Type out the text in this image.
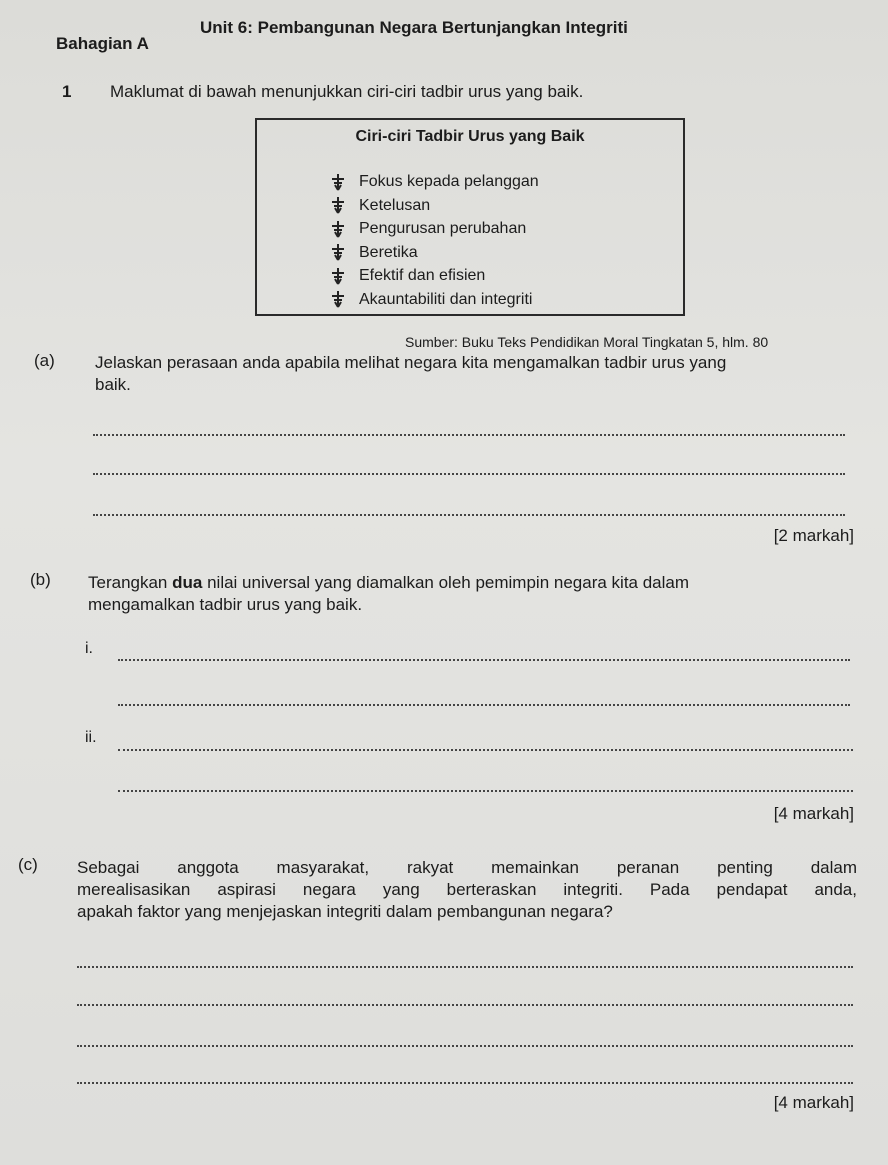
Unit 6: Pembangunan Negara Bertunjangkan Integriti
Bahagian A
1 Maklumat di bawah menunjukkan ciri-ciri tadbir urus yang baik.
Ciri-ciri Tadbir Urus yang Baik
Fokus kepada pelanggan
Ketelusan
Pengurusan perubahan
Beretika
Efektif dan efisien
Akauntabiliti dan integriti
Sumber: Buku Teks Pendidikan Moral Tingkatan 5, hlm. 80
(a) Jelaskan perasaan anda apabila melihat negara kita mengamalkan tadbir urus yang
baik.
[2 markah]
(b) Terangkan dua nilai universal yang diamalkan oleh pemimpin negara kita dalam
mengamalkan tadbir urus yang baik.
i.
ii.
[4 markah]
(c) Sebagai anggota masyarakat, rakyat memainkan peranan penting dalam
merealisasikan aspirasi negara yang berteraskan integriti. Pada pendapat anda,
apakah faktor yang menjejaskan integriti dalam pembangunan negara?
[4 markah]
